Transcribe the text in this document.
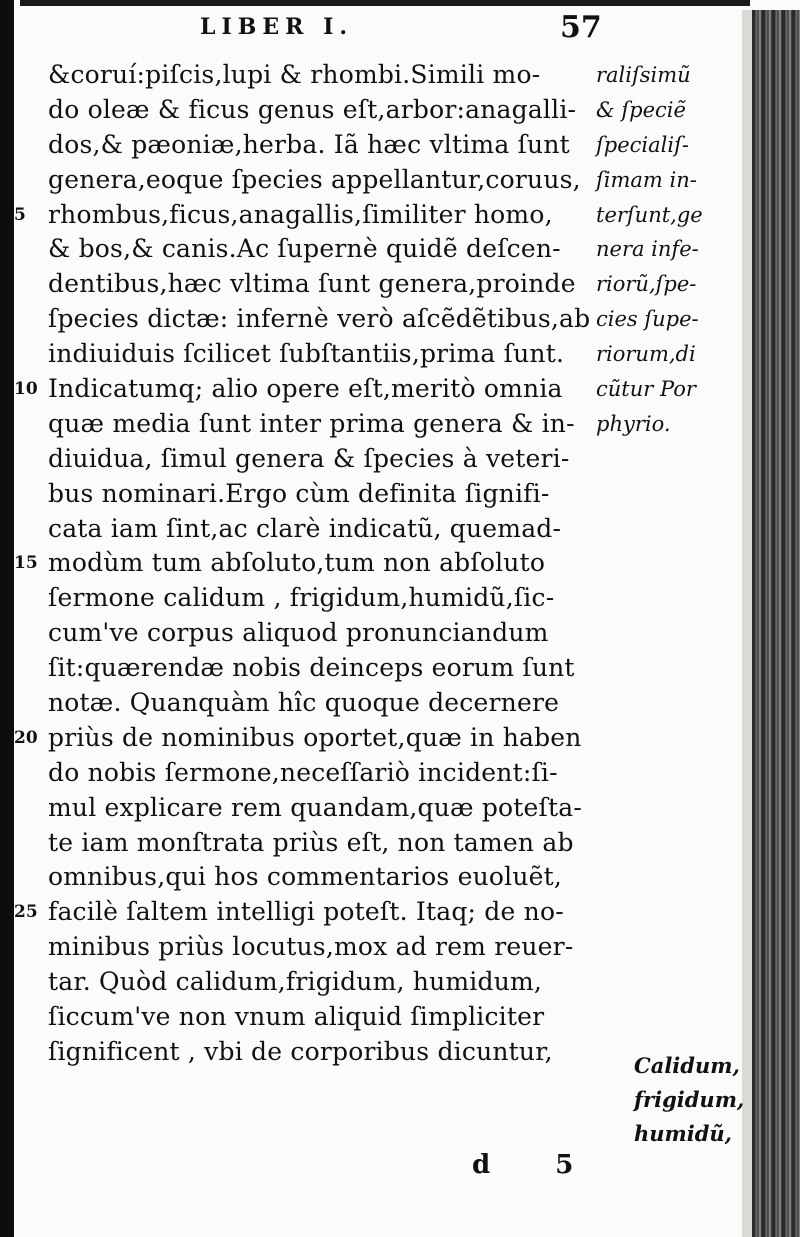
LIBER I.	57
&coruí:piſcis,lupi & rhombi.Simili mo-
do oleæ & ficus genus eſt,arbor:anagalli-
dos,& pæoniæ,herba. Iã hæc vltima ſunt
genera,eoque ſpecies appellantur,coruus,
5 rhombus,ficus,anagallis,ſimiliter homo,
& bos,& canis.Ac ſupernè quidẽ deſcen-
dentibus,hæc vltima ſunt genera,proinde
ſpecies dictæ: infernè verò aſcẽdẽtibus,ab
indiuiduis ſcilicet ſubſtantiis,prima ſunt.
10 Indicatumq; alio opere eſt,meritò omnia
quæ media ſunt inter prima genera & in-
diuidua, ſimul genera & ſpecies à veteri-
bus nominari.Ergo cùm definita ſignifi-
cata iam ſint,ac clarè indicatũ, quemad-
15 modùm tum abſoluto,tum non abſoluto
ſermone calidum , frigidum,humidũ,ſic-
cum've corpus aliquod pronunciandum
ſit:quærendæ nobis deinceps eorum ſunt
notæ. Quanquàm hîc quoque decernere
20 priùs de nominibus oportet,quæ in haben
do nobis ſermone,neceſſariò incident:ſi-
mul explicare rem quandam,quæ poteſta-
te iam monſtrata priùs eſt, non tamen ab
omnibus,qui hos commentarios euoluẽt,
25 facilè ſaltem intelligi poteſt. Itaq; de no-
minibus priùs locutus,mox ad rem reuer-
tar. Quòd calidum,frigidum, humidum,
ſiccum've non vnum aliquid ſimpliciter
ſignificent , vbi de corporibus dicuntur,
raliſsimũ
& ſpeciẽ
ſpecialiſ-
ſimam in-
terſunt,ge
nera infe-
riorũ,ſpe-
cies ſupe-
riorum,di
cũtur Por
phyrio.
Calidum,
frigidum,
humidũ,
d 5
